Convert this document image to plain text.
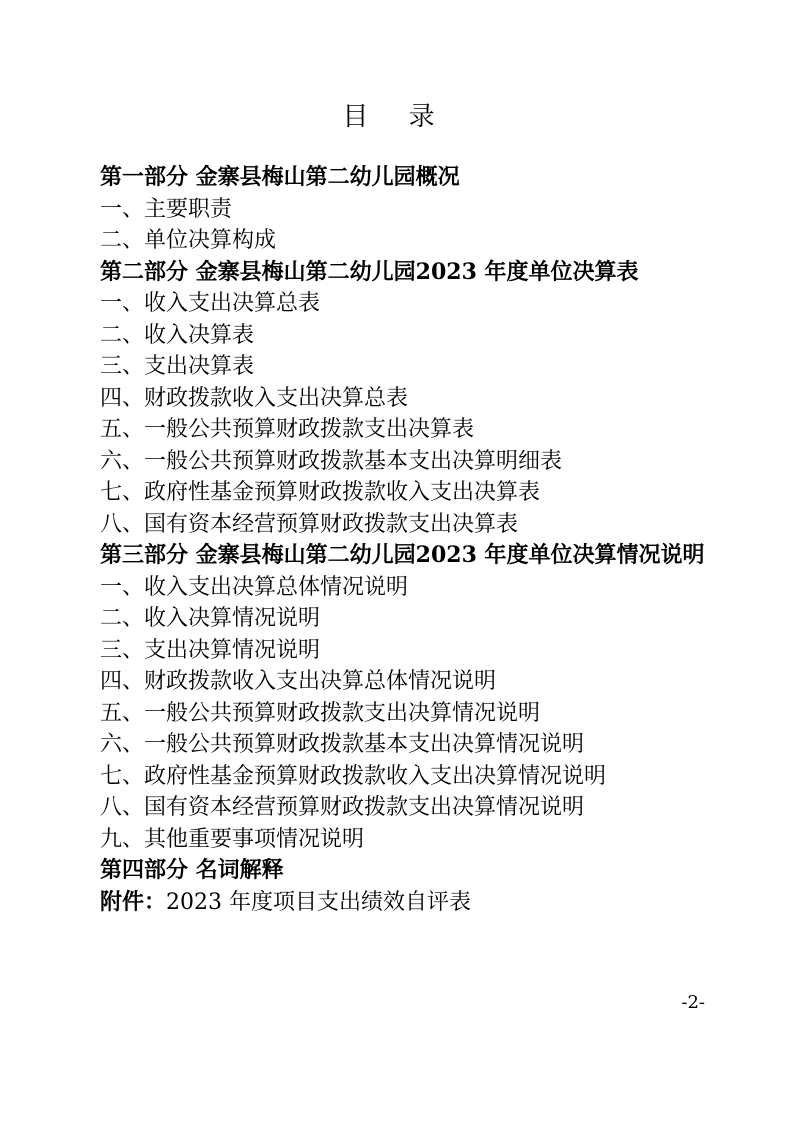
目 录
第一部分 金寨县梅山第二幼儿园概况
一、主要职责
二、单位决算构成
第二部分 金寨县梅山第二幼儿园2023 年度单位决算表
一、收入支出决算总表
二、收入决算表
三、支出决算表
四、财政拨款收入支出决算总表
五、一般公共预算财政拨款支出决算表
六、一般公共预算财政拨款基本支出决算明细表
七、政府性基金预算财政拨款收入支出决算表
八、国有资本经营预算财政拨款支出决算表
第三部分 金寨县梅山第二幼儿园2023 年度单位决算情况说明
一、收入支出决算总体情况说明
二、收入决算情况说明
三、支出决算情况说明
四、财政拨款收入支出决算总体情况说明
五、一般公共预算财政拨款支出决算情况说明
六、一般公共预算财政拨款基本支出决算情况说明
七、政府性基金预算财政拨款收入支出决算情况说明
八、国有资本经营预算财政拨款支出决算情况说明
九、其他重要事项情况说明
第四部分 名词解释
附件：2023 年度项目支出绩效自评表
-2-
